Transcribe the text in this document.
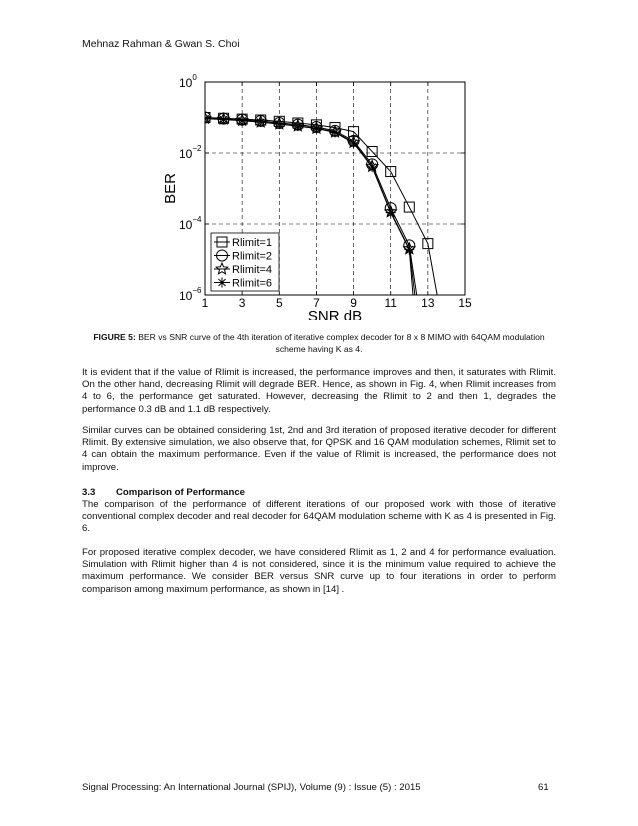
Mehnaz Rahman & Gwan S. Choi
1	3	5	7	9 11 13 15
$10^0$
$10^{-2}$
$10^{-4}$
$10^{-6}$
SNR dB
BER
Rlimit=1
Rlimit=2
Rlimit=4
Rlimit=6
FIGURE 5: BER vs SNR curve of the 4th iteration of iterative complex decoder for 8 x 8 MIMO with 64QAM modulation scheme having K as 4.

It is evident that if the value of Rlimit is increased, the performance improves and then, it saturates with Rlimit. On the other hand, decreasing Rlimit will degrade BER. Hence, as shown in Fig. 4, when Rlimit increases from 4 to 6, the performance get saturated. However, decreasing the Rlimit to 2 and then 1, degrades the performance 0.3 dB and 1.1 dB respectively.

Similar curves can be obtained considering 1st, 2nd and 3rd iteration of proposed iterative decoder for different Rlimit. By extensive simulation, we also observe that, for QPSK and 16 QAM modulation schemes, Rlimit set to 4 can obtain the maximum performance. Even if the value of Rlimit is increased, the performance does not improve.

3.3 Comparison of Performance

The comparison of the performance of different iterations of our proposed work with those of iterative conventional complex decoder and real decoder for 64QAM modulation scheme with K as 4 is presented in Fig. 6.

For proposed iterative complex decoder, we have considered Rlimit as 1, 2 and 4 for performance evaluation. Simulation with Rlimit higher than 4 is not considered, since it is the minimum value required to achieve the maximum performance. We consider BER versus SNR curve up to four iterations in order to perform comparison among maximum performance, as shown in [14] .

Signal Processing: An International Journal (SPIJ), Volume (9) : Issue (5) : 2015	61
